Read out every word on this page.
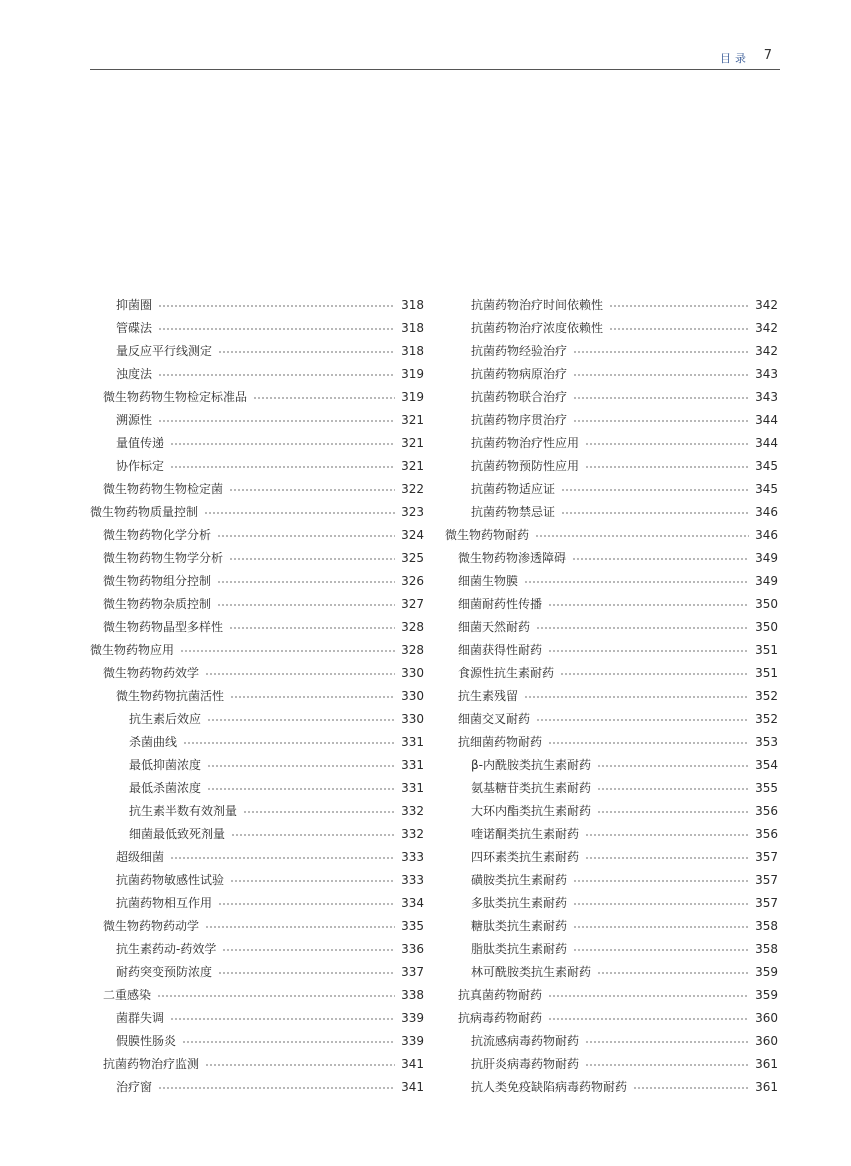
目录 7
抑菌圈	318
管碟法	318
量反应平行线测定	318
浊度法	319
微生物药物生物检定标准品	319
溯源性	321
量值传递	321
协作标定	321
微生物药物生物检定菌	322
微生物药物质量控制	323
微生物药物化学分析	324
微生物药物生物学分析	325
微生物药物组分控制	326
微生物药物杂质控制	327
微生物药物晶型多样性	328
微生物药物应用	328
微生物药物药效学	330
微生物药物抗菌活性	330
抗生素后效应	330
杀菌曲线	331
最低抑菌浓度	331
最低杀菌浓度	331
抗生素半数有效剂量	332
细菌最低致死剂量	332
超级细菌	333
抗菌药物敏感性试验	333
抗菌药物相互作用	334
微生物药物药动学	335
抗生素药动-药效学	336
耐药突变预防浓度	337
二重感染	338
菌群失调	339
假膜性肠炎	339
抗菌药物治疗监测	341
治疗窗	341
抗菌药物治疗时间依赖性	342
抗菌药物治疗浓度依赖性	342
抗菌药物经验治疗	342
抗菌药物病原治疗	343
抗菌药物联合治疗	343
抗菌药物序贯治疗	344
抗菌药物治疗性应用	344
抗菌药物预防性应用	345
抗菌药物适应证	345
抗菌药物禁忌证	346
微生物药物耐药	346
微生物药物渗透障碍	349
细菌生物膜	349
细菌耐药性传播	350
细菌天然耐药	350
细菌获得性耐药	351
食源性抗生素耐药	351
抗生素残留	352
细菌交叉耐药	352
抗细菌药物耐药	353
β-内酰胺类抗生素耐药	354
氨基糖苷类抗生素耐药	355
大环内酯类抗生素耐药	356
喹诺酮类抗生素耐药	356
四环素类抗生素耐药	357
磺胺类抗生素耐药	357
多肽类抗生素耐药	357
糖肽类抗生素耐药	358
脂肽类抗生素耐药	358
林可酰胺类抗生素耐药	359
抗真菌药物耐药	359
抗病毒药物耐药	360
抗流感病毒药物耐药	360
抗肝炎病毒药物耐药	361
抗人类免疫缺陷病毒药物耐药	361
